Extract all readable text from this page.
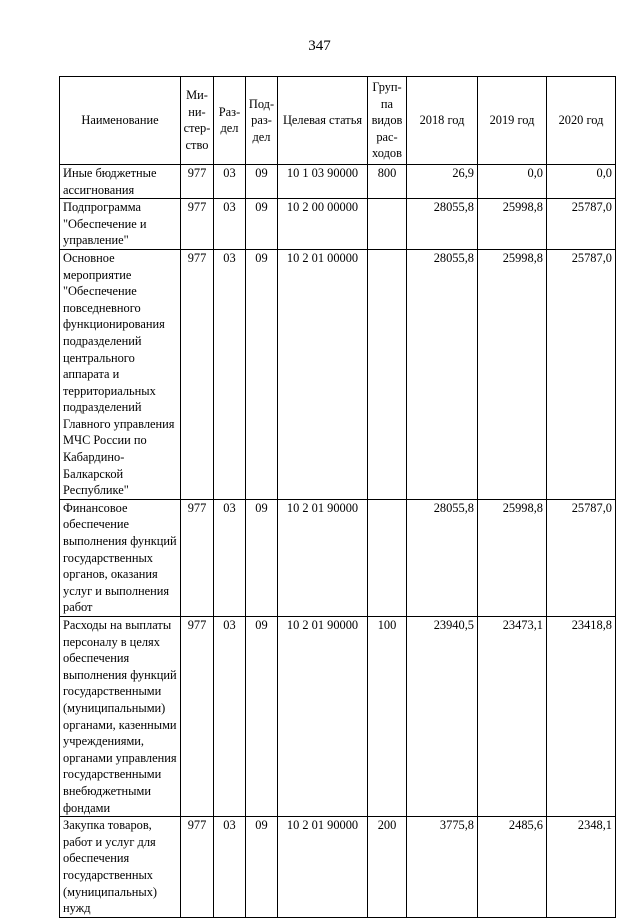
347
Наименование	Ми-ни-стер-ство	Раз-дел	Под-раз-дел	Целевая статья	Груп-па видов рас-ходов	2018 год	2019 год	2020 год
Иные бюджетные ассигнования	977	03	09	10 1 03 90000	800	26,9	0,0	0,0
Подпрограмма "Обеспечение и управление"	977	03	09	10 2 00 00000		28055,8	25998,8	25787,0
Основное мероприятие "Обеспечение повседневного функционирования подразделений центрального аппарата и территориальных подразделений Главного управления МЧС России по Кабардино-Балкарской Республике"	977	03	09	10 2 01 00000		28055,8	25998,8	25787,0
Финансовое обеспечение выполнения функций государственных органов, оказания услуг и выполнения работ	977	03	09	10 2 01 90000		28055,8	25998,8	25787,0
Расходы на выплаты персоналу в целях обеспечения выполнения функций государственными (муниципальными) органами, казенными учреждениями, органами управления государственными внебюджетными фондами	977	03	09	10 2 01 90000	100	23940,5	23473,1	23418,8
Закупка товаров, работ и услуг для обеспечения государственных (муниципальных) нужд	977	03	09	10 2 01 90000	200	3775,8	2485,6	2348,1
